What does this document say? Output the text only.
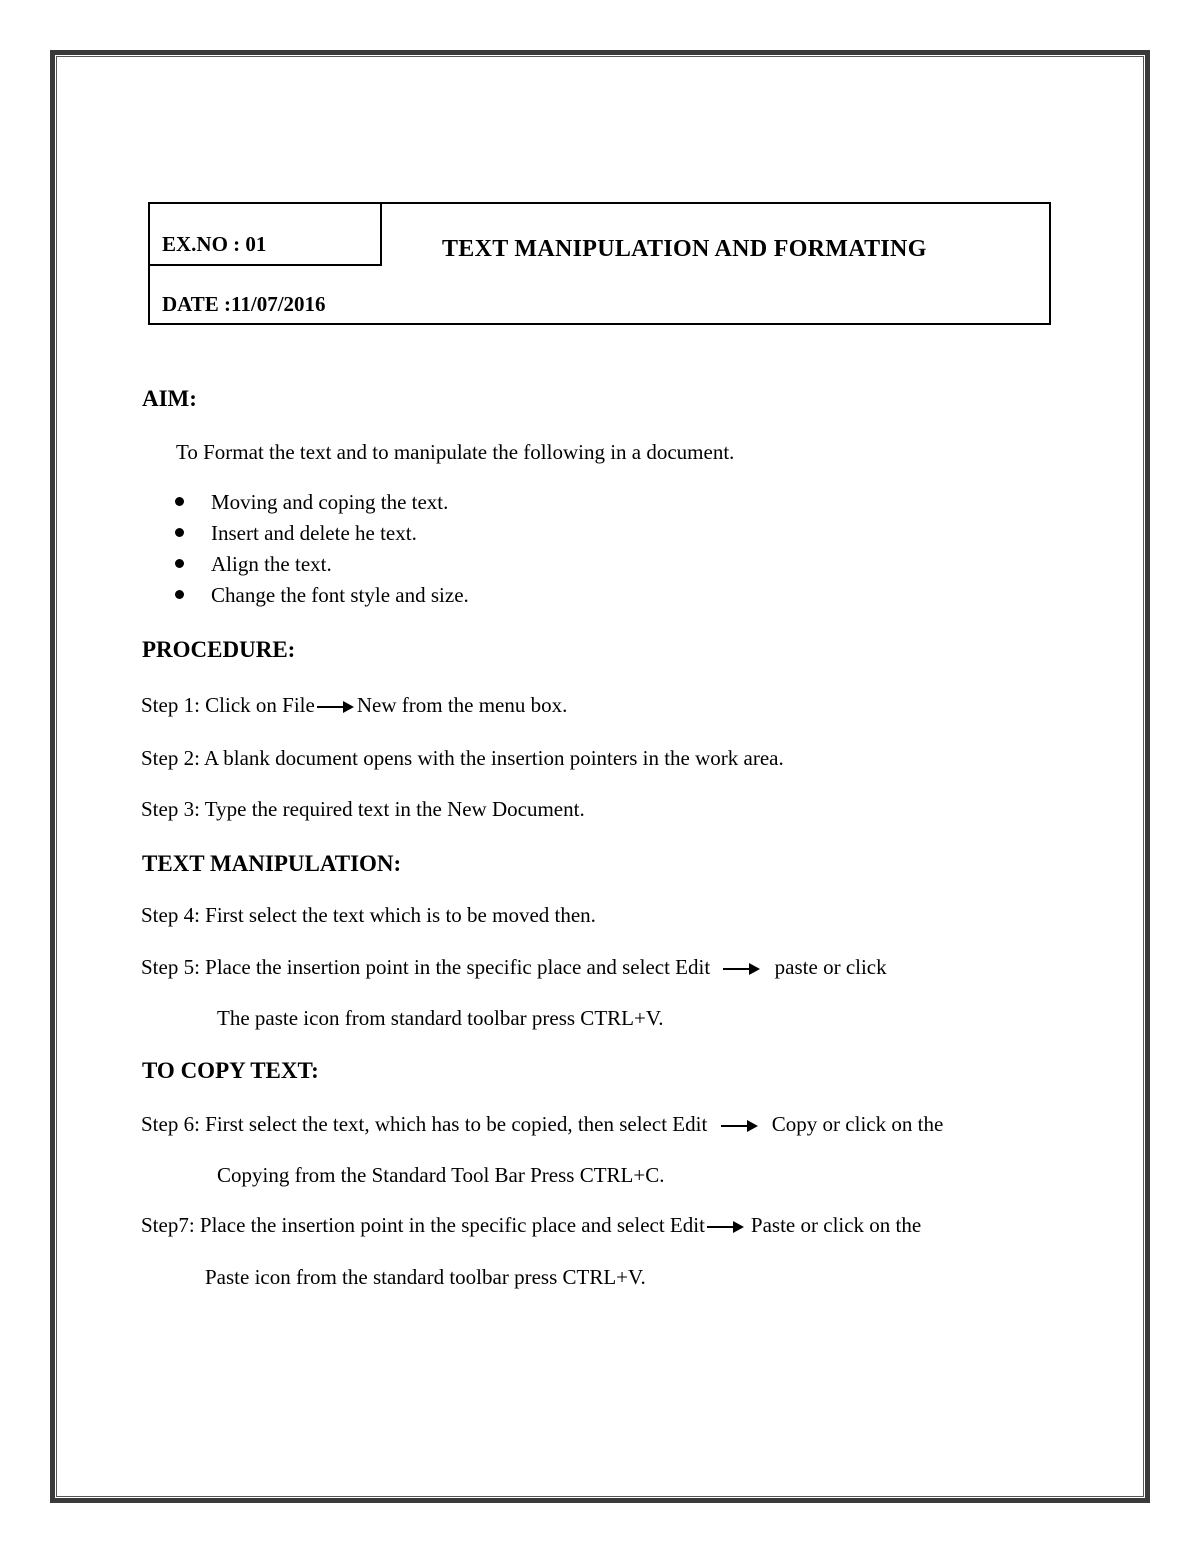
EX.NO : 01
DATE :11/07/2016
TEXT MANIPULATION AND FORMATING
AIM:
To Format the text and to manipulate the following in a document.
Moving and coping the text.
Insert and delete he text.
Align the text.
Change the font style and size.
PROCEDURE:
Step 1: Click on File New from the menu box.
Step 2: A blank document opens with the insertion pointers in the work area.
Step 3: Type the required text in the New Document.
TEXT MANIPULATION:
Step 4: First select the text which is to be moved then.
Step 5: Place the insertion point in the specific place and select Edit	paste or click
The paste icon from standard toolbar press CTRL+V.
TO COPY TEXT:
Step 6: First select the text, which has to be copied, then select Edit	Copy or click on the
Copying from the Standard Tool Bar Press CTRL+C.
Step7: Place the insertion point in the specific place and select Edit Paste or click on the
Paste icon from the standard toolbar press CTRL+V.
